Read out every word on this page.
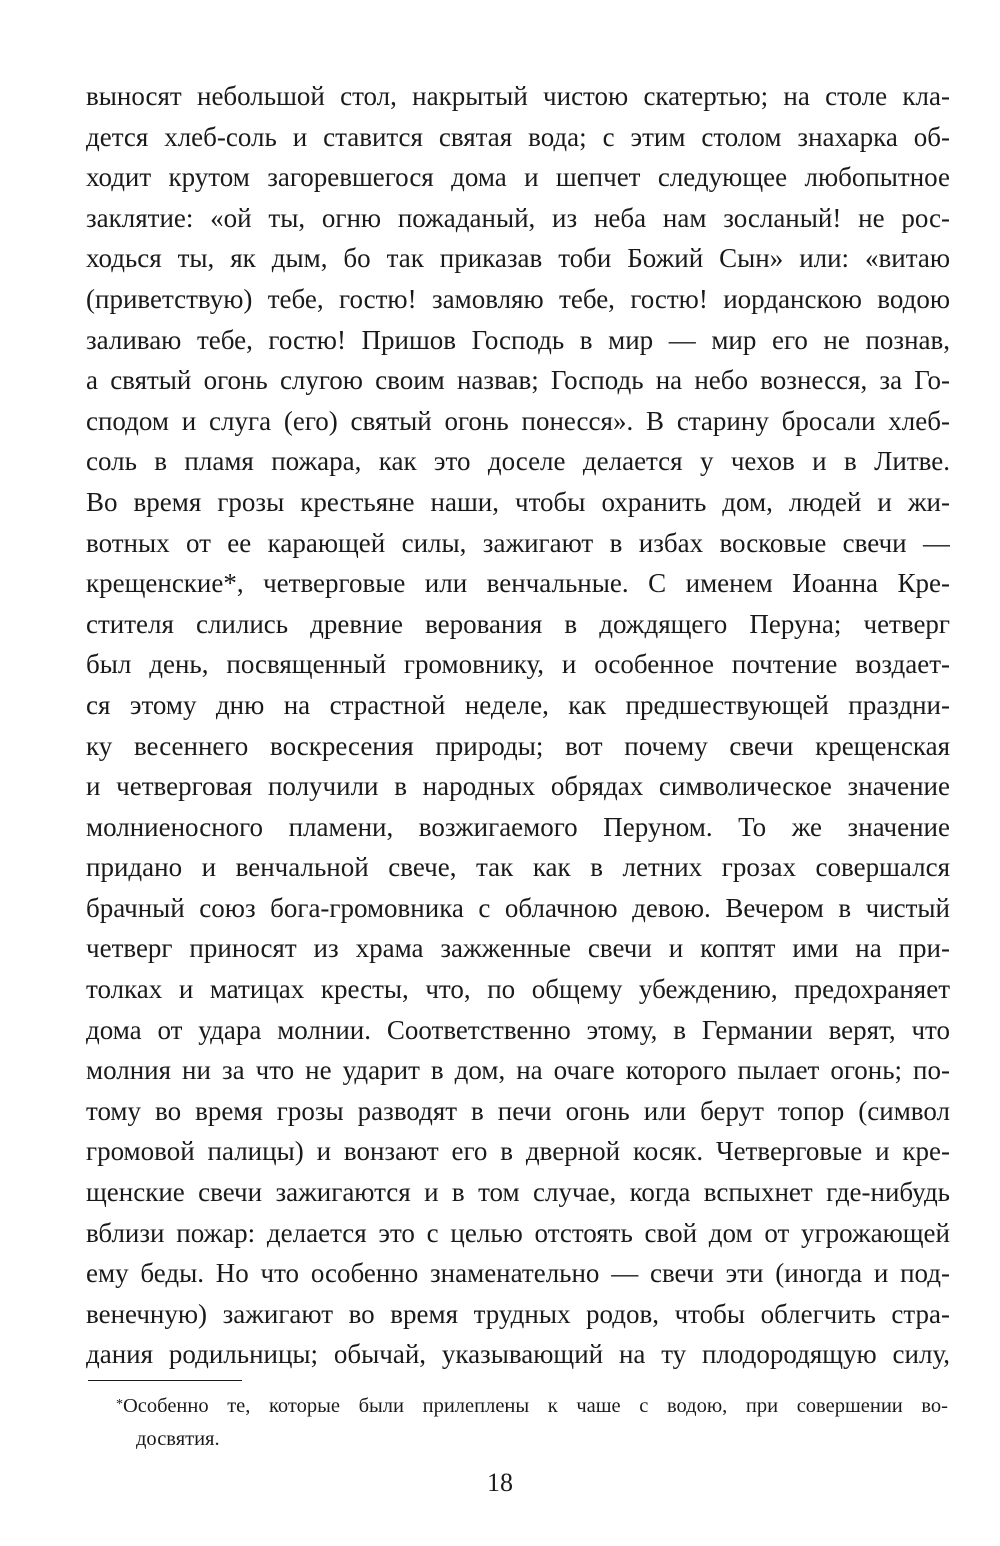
выносят небольшой стол, накрытый чистою скатертью; на столе кла-
дется хлеб-соль и ставится святая вода; с этим столом знахарка об-
ходит крутом загоревшегося дома и шепчет следующее любопытное
заклятие: «ой ты, огню пожаданый, из неба нам зосланый! не рос-
ходься ты, як дым, бо так приказав тоби Божий Сын» или: «витаю
(приветствую) тебе, гостю! замовляю тебе, гостю! иорданскою водою
заливаю тебе, гостю! Пришов Господь в мир — мир его не познав,
а святый огонь слугою своим назвав; Господь на небо вознесся, за Го-
сподом и слуга (его) святый огонь понесся». В старину бросали хлеб-
соль в пламя пожара, как это доселе делается у чехов и в Литве.
Во время грозы крестьяне наши, чтобы охранить дом, людей и жи-
вотных от ее карающей силы, зажигают в избах восковые свечи —
крещенские*, четверговые или венчальные. С именем Иоанна Кре-
стителя слились древние верования в дождящего Перуна; четверг
был день, посвященный громовнику, и особенное почтение воздает-
ся этому дню на страстной неделе, как предшествующей праздни-
ку весеннего воскресения природы; вот почему свечи крещенская
и четверговая получили в народных обрядах символическое значение
молниеносного пламени, возжигаемого Перуном. То же значение
придано и венчальной свече, так как в летних грозах совершался
брачный союз бога-громовника с облачною девою. Вечером в чистый
четверг приносят из храма зажженные свечи и коптят ими на при-
толках и матицах кресты, что, по общему убеждению, предохраняет
дома от удара молнии. Соответственно этому, в Германии верят, что
молния ни за что не ударит в дом, на очаге которого пылает огонь; по-
тому во время грозы разводят в печи огонь или берут топор (символ
громовой палицы) и вонзают его в дверной косяк. Четверговые и кре-
щенские свечи зажигаются и в том случае, когда вспыхнет где-нибудь
вблизи пожар: делается это с целью отстоять свой дом от угрожающей
ему беды. Но что особенно знаменательно — свечи эти (иногда и под-
венечную) зажигают во время трудных родов, чтобы облегчить стра-
дания родильницы; обычай, указывающий на ту плодородящую силу,
*Особенно те, которые были прилеплены к чаше с водою, при совершении во-
досвятия.
18
